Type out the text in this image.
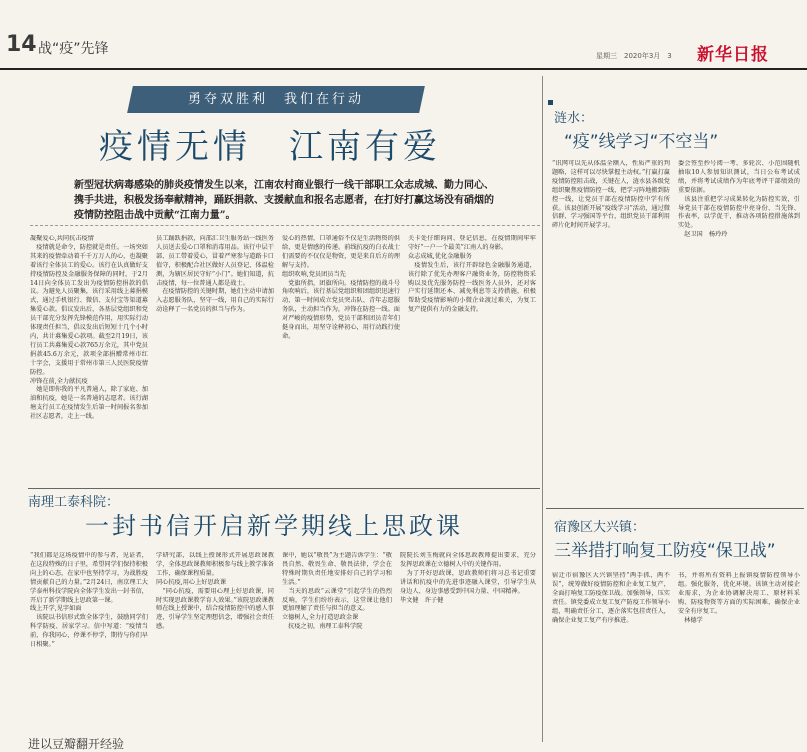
14 战“疫”先锋	星期三　2020年3月　3 新华日报
勇夺双胜利　我们在行动
疫情无情　江南有爱
新型冠状病毒感染的肺炎疫情发生以来，江南农村商业银行一线干部职工众志成城、勤力同心、携手共进，积极发扬奉献精神，踊跃捐款、支援献血和报名志愿者，在打好打赢这场没有硝烟的疫情防控阻击战中贡献“江南力量”。
凝聚爱心,共同抗击疫情
　疫情就是命令，防控就是责任。一场突如其来的疫情牵动着千千万万人的心，也凝聚着该行全体员工的爱心。该行在认真做好支持疫情防控及金融服务保障的同时，于2月14日向全体员工发出为疫情防控捐款的倡议。为避免人员聚集，该行采用线上募捐模式，通过手机银行、微信、支付宝等渠道募集爱心款。倡议发出后，各基层党组织和党员干部充分发挥先锋模范作用，用实际行动体现责任担当，倡议发出后短短十几个小时内，共计募集爱心款项。截至2月19日，该行员工共募集爱心款765万余元，其中党员捐款45.6万余元，款项全部捐赠常州市红十字会，支援用于常州市第三人民医院疫情防控。
冲锋在前,全力献抗疫
　她是即你我的平凡普通人，除了家庭、加油和抗疫，她是一名普通的志愿者。该行湖塘支行员工在疫情发生后第一时间报名参加社区志愿者，走上一线。
员工踊跃捐款，向邵汇卫生服务站一线医务人员送去爱心口罩和消毒用品。该行中层干部、员工带着爱心，冒着严寒参与道路卡口值守，积极配合社区做好人员登记、体温检测，为辖区居民守好“小门”。她们知道，抗击疫情，每一位普通人都是战士。
　在疫情防控的关键时期，她们主动申请加入志愿服务队，坚守一线，用自己的实际行动诠释了一名党员的担当与作为。
爱心的热情，口罩通俗不仅是生活物资的供给，更是情感的传递。前线抗疫的白衣战士们需要的不仅仅是物资，更是来自后方的理解与支持。
组织吹响,党员团员当先
　党旗所指，团旗所向。疫情防控的战斗号角吹响后，该行基层党组织和团组织迅速行动，第一时间成立党员突击队、青年志愿服务队，主动担当作为，冲锋在防控一线。面对严峻的疫情形势，党员干部和团员青年们挺身而出，用坚守诠释初心，用行动践行使命。
关卡处仔细询问、登记信息，在疫情期间牢牢守好“一户一个最美”江南人的身影。
众志成城,优化金融服务
　疫情发生后，该行开辟绿色金融服务通道，该行除了优先办理客户融资业务，防控物资采购以及优先服务防控一线医务人员外，还对客户实行延期还本、减免利息等支持措施，积极帮助受疫情影响的小微企业渡过难关，为复工复产提供有力的金融支持。
南理工泰科院：
一封书信开启新学期线上思政课
“我们都是这场疫情中的参与者，见证者，在这段特殊的日子里，希望同学们保持积极向上的心态，在家中也坚持学习，为战胜疫情贡献自己的力量。”2月24日，南京理工大学泰州科技学院向全体学生发出一封书信，开启了新学期线上思政第一课。
线上开学,见字如面
　该院以书信形式致全体学生，鼓励同学们科学防疫、居家学习。信中写道：“疫情当前，你我同心，停课不停学，期待与你们早日相聚。”
学研究部，以线上授课形式开展思政课教学，全体思政课教师积极参与线上教学准备工作，确保课程质量。
同心抗疫,用心上好思政课
　“同心抗疫，需要用心理上好思政课，同时实现思政课教学育人效果。”该院思政课教师在线上授课中，结合疫情防控中的感人事迹，引导学生坚定理想信念，增强社会责任感。
课中，她以“敬畏”为主题告诉学生：“敬畏自然、敬畏生命、敬畏法律，学会在特殊时期负责任地安排好自己的学习和生活。”
　当天的思政“云课堂”引起学生的热烈反响，学生们纷纷表示，这堂课让他们更加理解了责任与担当的意义。
立德树人,全力打造思政金课
　抗疫之初，南理工泰科学院
院院长刘玉梅就向全体思政教师提出要求，充分发挥思政课在立德树人中的关键作用。
　为了开好思政课，思政教师们将习总书记重要讲话和抗疫中的先进事迹融入课堂，引导学生从身边人、身边事感受到中国力量、中国精神。
毕文健　许子健
涟水：
“疫”线学习“不空当”
“讯网可以先从体温全额入，性质严重的判题略，这样可以尽快掌握主动权。”打赢打赢疫情防控阻击战，关键在人，涟水县各级党组织聚焦疫情防控一线，把学习阵地搬到防控一线，让党员干部在疫情防控中学有所获。该县创新开展“疫线学习”活动，通过微信群、学习强国等平台，组织党员干部利用碎片化时间开展学习。
委会签至抄号阅一考、多轮次、小范围随机抽取10人参加知识测试，当日公布考试成绩，并将考试成绩作为年底考评干部绩效的重要依据。
　该县注重把学习成果转化为防控实效，引导党员干部在疫情防控中亮身份、当先锋、作表率，以学促干，推动各项防控措施落到实处。
　赵卫国　杨玲玲
宿豫区大兴镇：
三举措打响复工防疫“保卫战”
宿迁市宿豫区大兴镇坚持“两手抓、两不误”，统筹做好疫情防控和企业复工复产，全面打响复工防疫保卫战。加强领导，压实责任。镇党委成立复工复产防疫工作领导小组，明确责任分工，逐企落实包挂责任人，确保企业复工复产有序推进。
书，并将所有资料上报镇疫情防控领导小组。强化服务，优化环境。该镇主动对接企业需求，为企业协调解决用工、原材料采购、防疫物资等方面的实际困难，确保企业安全有序复工。
　林德学
进以豆瓣翻开经验
